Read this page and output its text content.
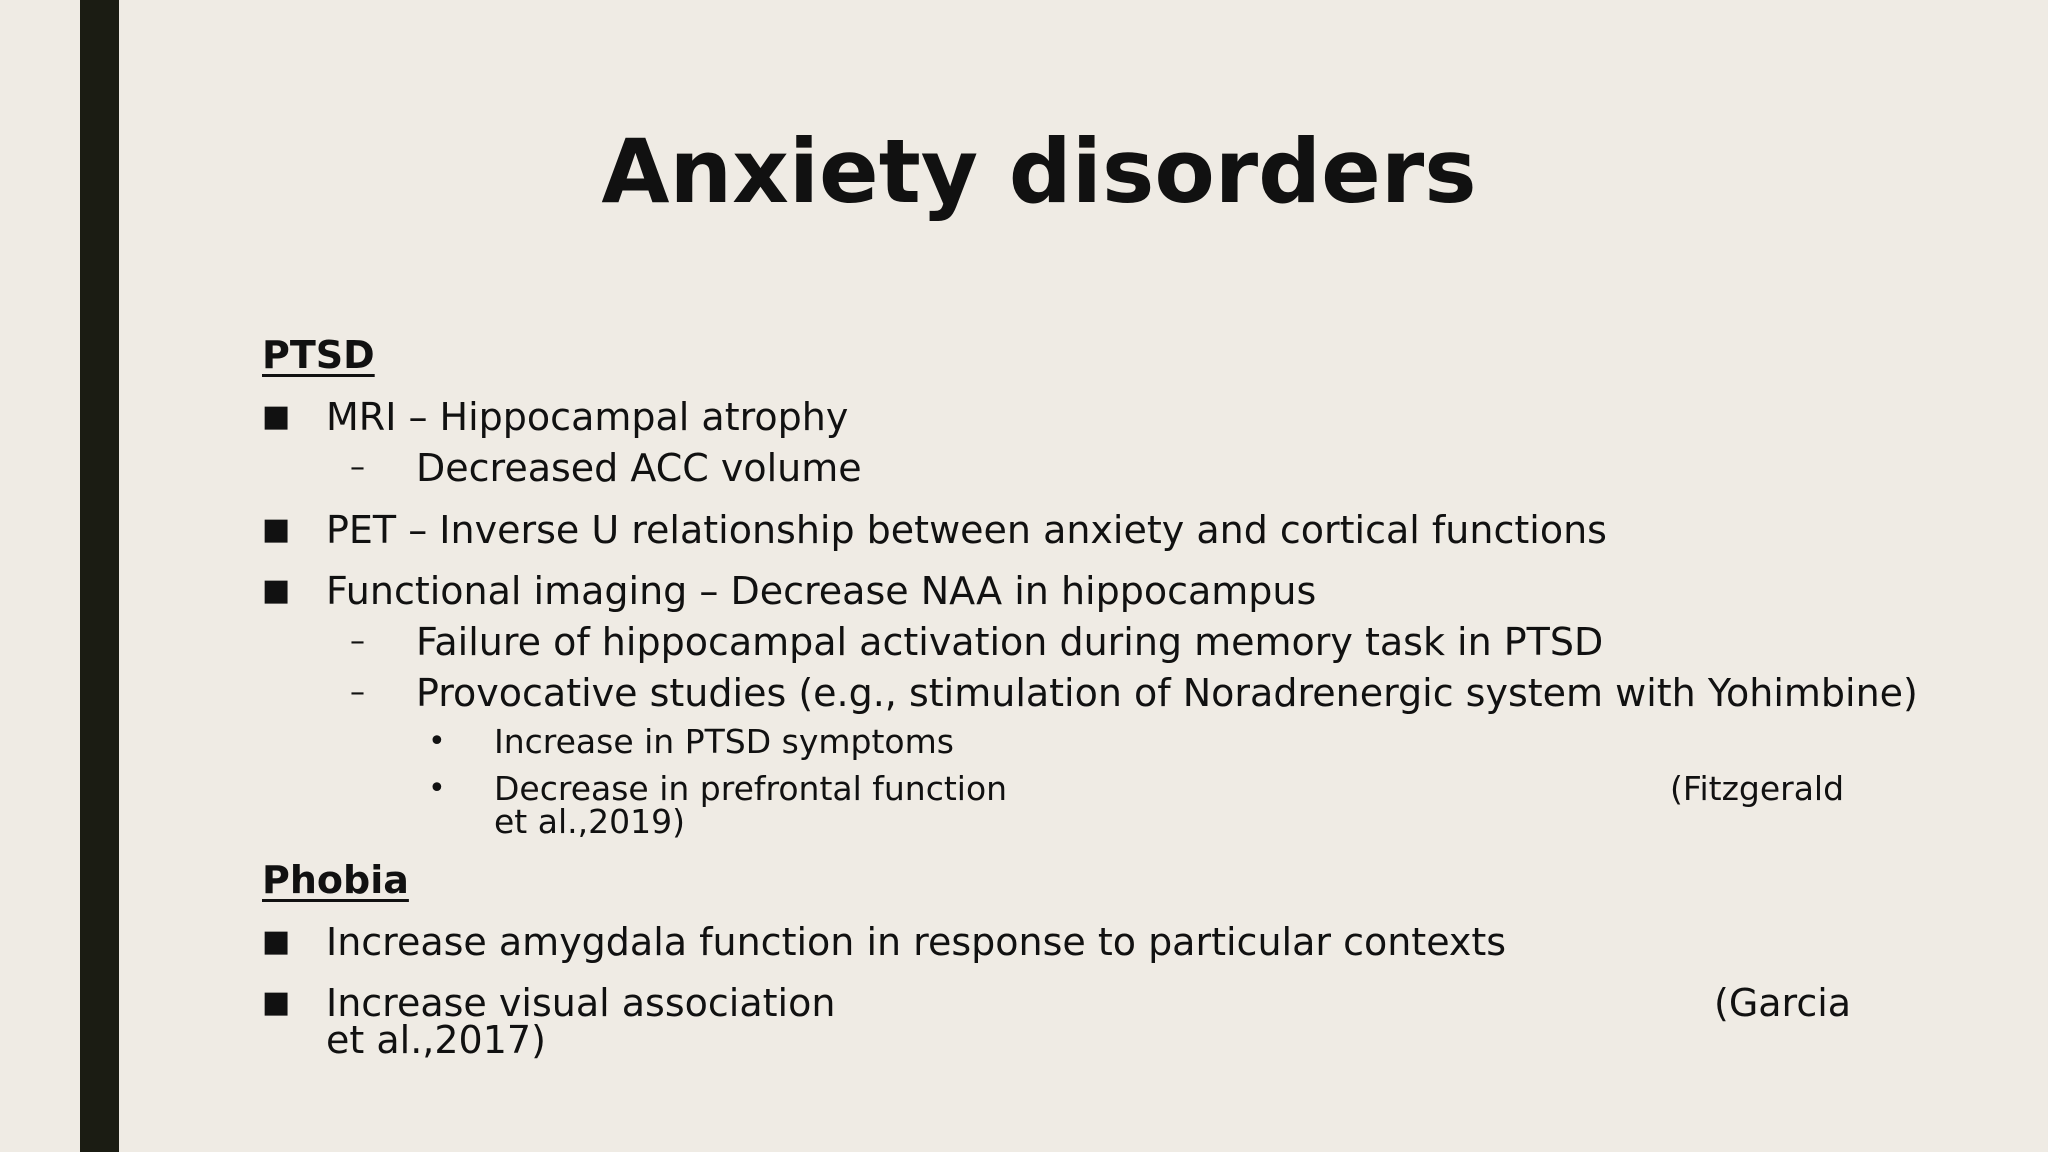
Anxiety disorders
PTSD
■ MRI – Hippocampal atrophy
– Decreased ACC volume
■ PET – Inverse U relationship between anxiety and cortical functions
■ Functional imaging – Decrease NAA in hippocampus
– Failure of hippocampal activation during memory task in PTSD
– Provocative studies (e.g., stimulation of Noradrenergic system with Yohimbine)
• Increase in PTSD symptoms
• Decrease in prefrontal function	(Fitzgerald
et al.,2019)
Phobia
■ Increase amygdala function in response to particular contexts
■ Increase visual association	(Garcia
et al.,2017)
